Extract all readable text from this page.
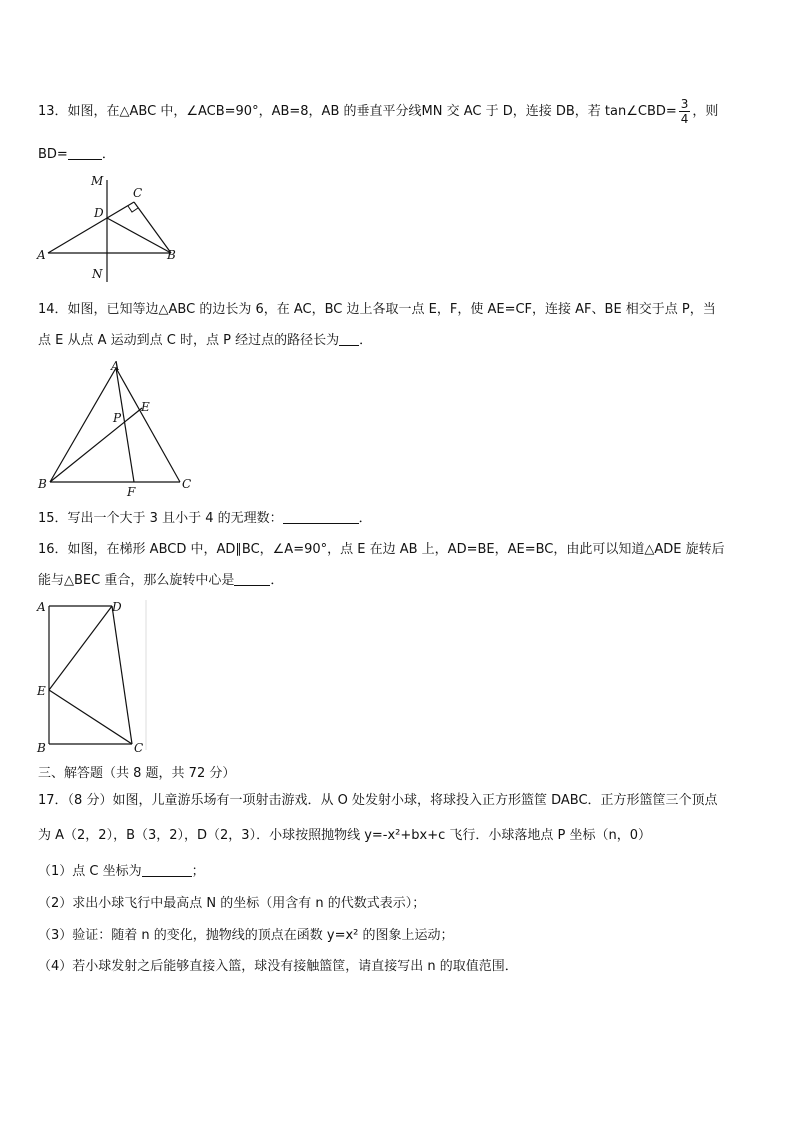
13．如图，在△ABC 中，∠ACB=90°，AB=8，AB 的垂直平分线MN 交 AC 于 D，连接 DB，若 tan∠CBD= $\frac{3}{4}$ ，则
BD=	．
M
C
D
A	B
N
14．如图，已知等边△ABC 的边长为 6，在 AC，BC 边上各取一点 E，F，使 AE=CF，连接 AF、BE 相交于点 P，当
点 E 从点 A 运动到点 C 时，点 P 经过点的路径长为 ．
A
E
P
B
F
C
15．写出一个大于 3 且小于 4 的无理数：	．
16．如图，在梯形 ABCD 中，AD∥BC，∠A=90°，点 E 在边 AB 上，AD=BE，AE=BC，由此可以知道△ADE 旋转后
能与△BEC 重合，那么旋转中心是	．
A	D
E
B	C
三、解答题（共 8 题，共 72 分）
17．（8 分）如图，儿童游乐场有一项射击游戏．从 O 处发射小球，将球投入正方形篮筐 DABC．正方形篮筐三个顶点
为 A（2，2），B（3，2），D（2，3）．小球按照抛物线 y=-x²+bx+c 飞行．小球落地点 P 坐标（n，0）
（1）点 C 坐标为	；
（2）求出小球飞行中最高点 N 的坐标（用含有 n 的代数式表示）；
（3）验证：随着 n 的变化，抛物线的顶点在函数 y=x² 的图象上运动；
（4）若小球发射之后能够直接入篮，球没有接触篮筐，请直接写出 n 的取值范围．
